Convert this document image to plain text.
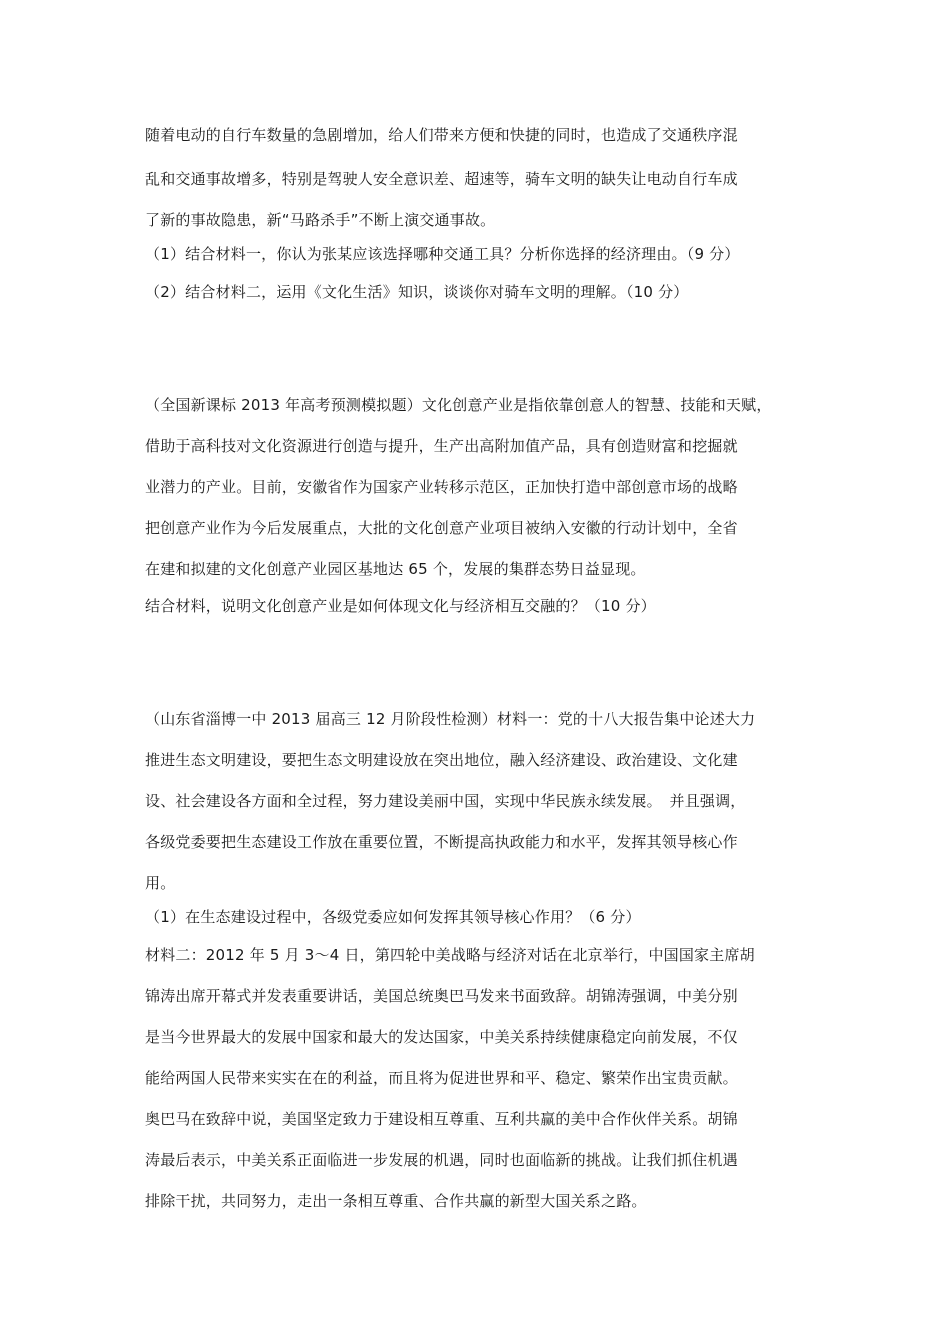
随着电动的自行车数量的急剧增加，给人们带来方便和快捷的同时，也造成了交通秩序混
乱和交通事故增多，特别是驾驶人安全意识差、超速等，骑车文明的缺失让电动自行车成
了新的事故隐患，新“马路杀手”不断上演交通事故。
（1）结合材料一，你认为张某应该选择哪种交通工具？分析你选择的经济理由。（9 分）
（2）结合材料二，运用《文化生活》知识，谈谈你对骑车文明的理解。（10 分）
（全国新课标 2013 年高考预测模拟题）文化创意产业是指依靠创意人的智慧、技能和天赋，
借助于高科技对文化资源进行创造与提升，生产出高附加值产品，具有创造财富和挖掘就
业潜力的产业。目前，安徽省作为国家产业转移示范区，正加快打造中部创意市场的战略
把创意产业作为今后发展重点，大批的文化创意产业项目被纳入安徽的行动计划中，全省
在建和拟建的文化创意产业园区基地达 65 个，发展的集群态势日益显现。
结合材料，说明文化创意产业是如何体现文化与经济相互交融的？（10 分）
（山东省淄博一中 2013 届高三 12 月阶段性检测）材料一：党的十八大报告集中论述大力
推进生态文明建设，要把生态文明建设放在突出地位，融入经济建设、政治建设、文化建
设、社会建设各方面和全过程，努力建设美丽中国，实现中华民族永续发展。　并且强调，
各级党委要把生态建设工作放在重要位置，不断提高执政能力和水平，发挥其领导核心作
用。
（1）在生态建设过程中，各级党委应如何发挥其领导核心作用？（6 分）
材料二：2012 年 5 月 3～4 日，第四轮中美战略与经济对话在北京举行，中国国家主席胡
锦涛出席开幕式并发表重要讲话，美国总统奥巴马发来书面致辞。胡锦涛强调，中美分别
是当今世界最大的发展中国家和最大的发达国家，中美关系持续健康稳定向前发展，不仅
能给两国人民带来实实在在的利益，而且将为促进世界和平、稳定、繁荣作出宝贵贡献。
奥巴马在致辞中说，美国坚定致力于建设相互尊重、互利共赢的美中合作伙伴关系。胡锦
涛最后表示，中美关系正面临进一步发展的机遇，同时也面临新的挑战。让我们抓住机遇
排除干扰，共同努力，走出一条相互尊重、合作共赢的新型大国关系之路。
